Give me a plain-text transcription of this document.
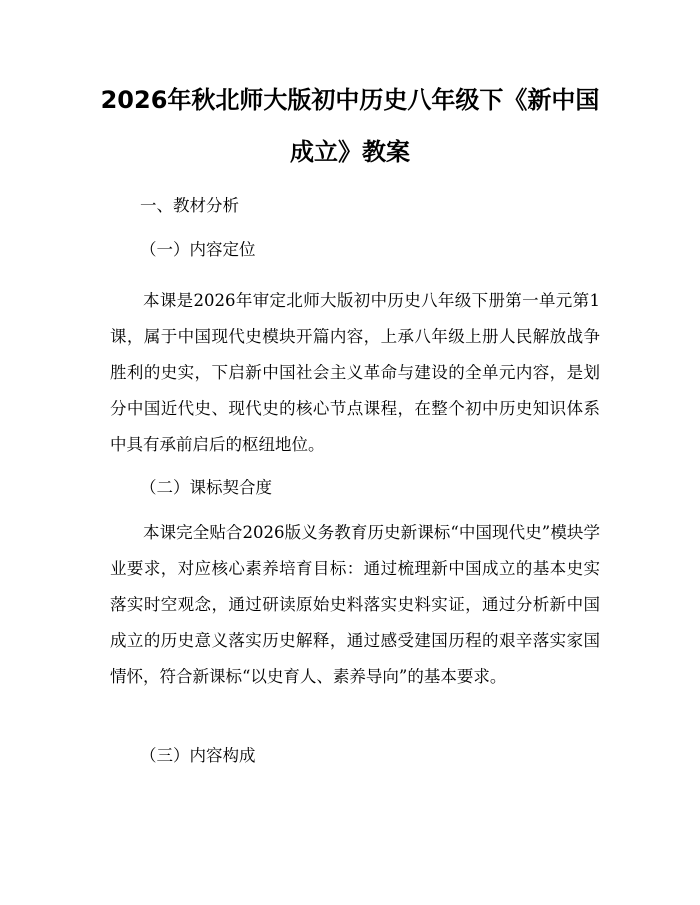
2026年秋北师大版初中历史八年级下《新中国成立》教案
一、教材分析
（一）内容定位

本课是2026年审定北师大版初中历史八年级下册第一单元第1课，属于中国现代史模块开篇内容，上承八年级上册人民解放战争胜利的史实，下启新中国社会主义革命与建设的全单元内容，是划分中国近代史、现代史的核心节点课程，在整个初中历史知识体系中具有承前启后的枢纽地位。

（二）课标契合度

本课完全贴合2026版义务教育历史新课标“中国现代史”模块学业要求，对应核心素养培育目标：通过梳理新中国成立的基本史实落实时空观念，通过研读原始史料落实史料实证，通过分析新中国成立的历史意义落实历史解释，通过感受建国历程的艰辛落实家国情怀，符合新课标“以史育人、素养导向”的基本要求。

（三）内容构成
